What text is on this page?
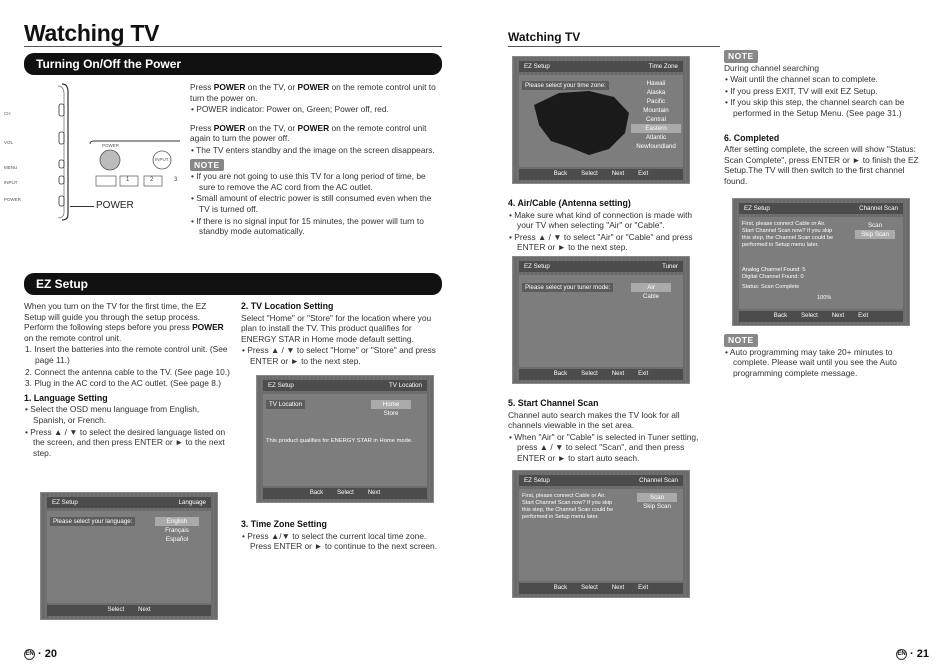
Watching TV
Turning On/Off the Power
CH
VOL
MENU
INPUT
POWER
POWER
INPUT
1	2	3
POWER

Press POWER on the TV, or POWER on the remote control unit to turn the power on.

• POWER indicator: Power on, Green; Power off, red.

Press POWER on the TV, or POWER on the remote control unit again to turn the power off.

• The TV enters standby and the image on the screen disappears.

NOTE

• If you are not going to use this TV for a long period of time, be sure to remove the AC cord from the AC outlet.

• Small amount of electric power is still consumed even when the TV is turned off.

• If there is no signal input for 15 minutes, the power will turn to standby mode automatically.

EZ Setup

When you turn on the TV for the first time, the EZ Setup will guide you through the setup process. Perform the following steps before you press POWER on the remote control unit.

1. Insert the batteries into the remote control unit. (See page 11.)

2. Connect the antenna cable to the TV. (See page 10.)

3. Plug in the AC cord to the AC outlet. (See page 8.)

1. Language Setting

• Select the OSD menu language from English, Spanish, or French.

• Press ▲ / ▼ to select the desired language listed on the screen, and then press ENTER or ► to the next step.

EZ Setup	Language
Please select your language:	English
Français
Español
Select Next
2. TV Location Setting

Select "Home" or "Store" for the location where you plan to install the TV. This product qualifies for ENERGY STAR in Home mode default setting.

• Press ▲ / ▼ to select "Home" or "Store" and press ENTER or ► to the next step.

EZ Setup	TV Location
TV Location	Home
Store
This product qualifies for ENERGY STAR in Home mode.
Back Select Next
3. Time Zone Setting

• Press ▲/▼ to select the current local time zone. Press ENTER or ► to continue to the next screen.

EN · 20
Watching TV
EZ Setup	Time Zone
Please select your time zone:	Hawaii
Alaska
Pacific
Mountain
Central
Eastern
Atlantic
Newfoundland
Back Select Next Exit
4. Air/Cable (Antenna setting)

• Make sure what kind of connection is made with your TV when selecting "Air" or "Cable".

• Press ▲ / ▼ to select "Air" or "Cable" and press ENTER or ► to the next step.

EZ Setup	Tuner
Please select your tuner mode:	Air
Cable
Back Select Next Exit
5. Start Channel Scan

Channel auto search makes the TV look for all channels viewable in the set area.

• When "Air" or "Cable" is selected in Tuner setting, press ▲ / ▼ to select "Scan", and then press ENTER or ► to start auto seach.

EZ Setup	Channel Scan
First, please connect Cable or Air. Start Channel Scan now? If you skip this step, the Channel Scan could be performed in Setup menu later.
Scan
Skip Scan
Back Select Next Exit
NOTE

During channel searching

• Wait until the channel scan to complete.

• If you press EXIT, TV will exit EZ Setup.

• If you skip this step, the channel search can be performed in the Setup Menu. (See page 31.)

6. Completed

After setting complete, the screen will show "Status: Scan Complete", press ENTER or ► to finish the EZ Setup.The TV will then switch to the first channel found.

EZ Setup	Channel Scan
First, please connect Cable or Air. Start Channel Scan now? If you skip this step, the Channel Scan could be performed in Setup menu later.
Scan
Skip Scan
Analog Channel Found: 5
Digital Channel Found: 0
Status: Scan Complete
100%
Back Select Next Exit
NOTE

• Auto programming may take 20+ minutes to complete. Please wait until you see the Auto programming complete message.

EN · 21
